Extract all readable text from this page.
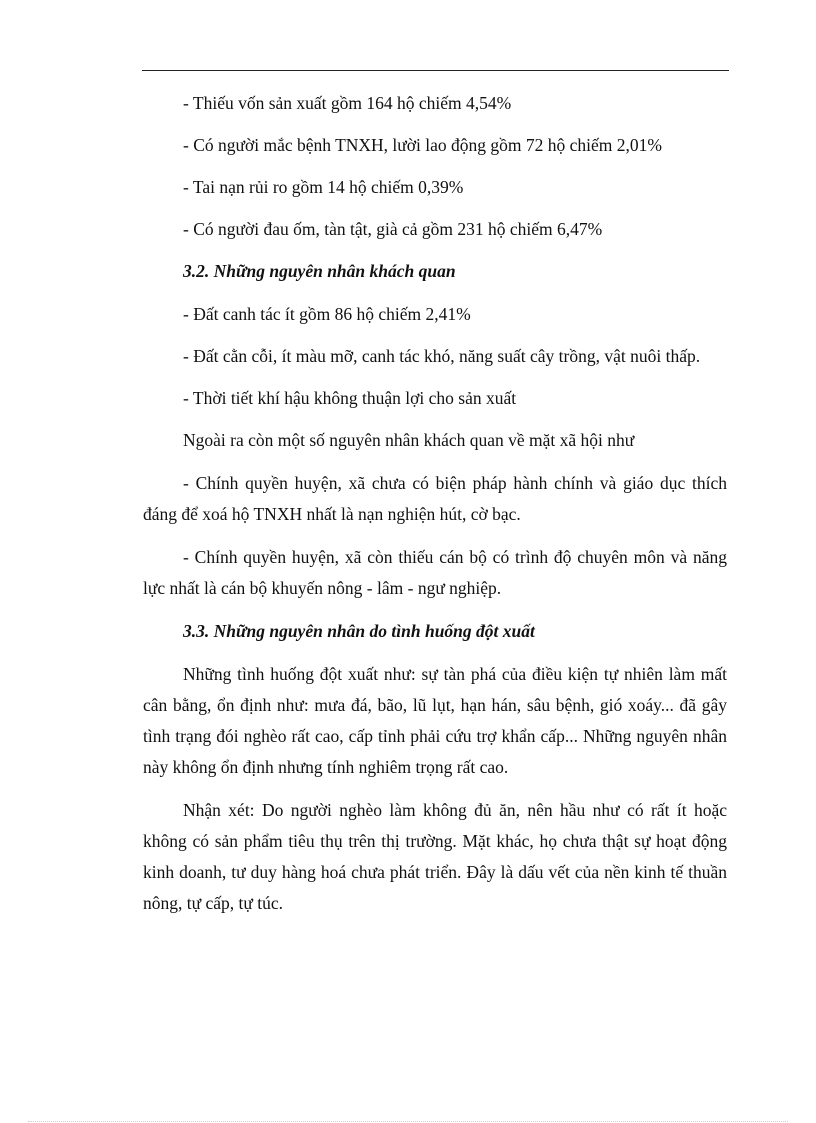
- Thiếu vốn sản xuất gồm 164 hộ chiếm 4,54%

- Có người mắc bệnh TNXH, lười lao động gồm 72 hộ chiếm 2,01%

- Tai nạn rủi ro gồm 14 hộ chiếm 0,39%

- Có người đau ốm, tàn tật, già cả gồm 231 hộ chiếm 6,47%

3.2. Những nguyên nhân khách quan

- Đất canh tác ít gồm 86 hộ chiếm 2,41%

- Đất cằn cỗi, ít màu mỡ, canh tác khó, năng suất cây trồng, vật nuôi thấp.

- Thời tiết khí hậu không thuận lợi cho sản xuất

Ngoài ra còn một số nguyên nhân khách quan về mặt xã hội như

- Chính quyền huyện, xã chưa có biện pháp hành chính và giáo dục thích đáng để xoá hộ TNXH nhất là nạn nghiện hút, cờ bạc.

- Chính quyền huyện, xã còn thiếu cán bộ có trình độ chuyên môn và năng lực nhất là cán bộ khuyến nông - lâm - ngư nghiệp.

3.3. Những nguyên nhân do tình huống đột xuất

Những tình huống đột xuất như: sự tàn phá của điều kiện tự nhiên làm mất cân bằng, ổn định như: mưa đá, bão, lũ lụt, hạn hán, sâu bệnh, gió xoáy... đã gây tình trạng đói nghèo rất cao, cấp tỉnh phải cứu trợ khẩn cấp... Những nguyên nhân này không ổn định nhưng tính nghiêm trọng rất cao.

Nhận xét: Do người nghèo làm không đủ ăn, nên hầu như có rất ít hoặc không có sản phẩm tiêu thụ trên thị trường. Mặt khác, họ chưa thật sự hoạt động kinh doanh, tư duy hàng hoá chưa phát triển. Đây là dấu vết của nền kinh tế thuần nông, tự cấp, tự túc.
